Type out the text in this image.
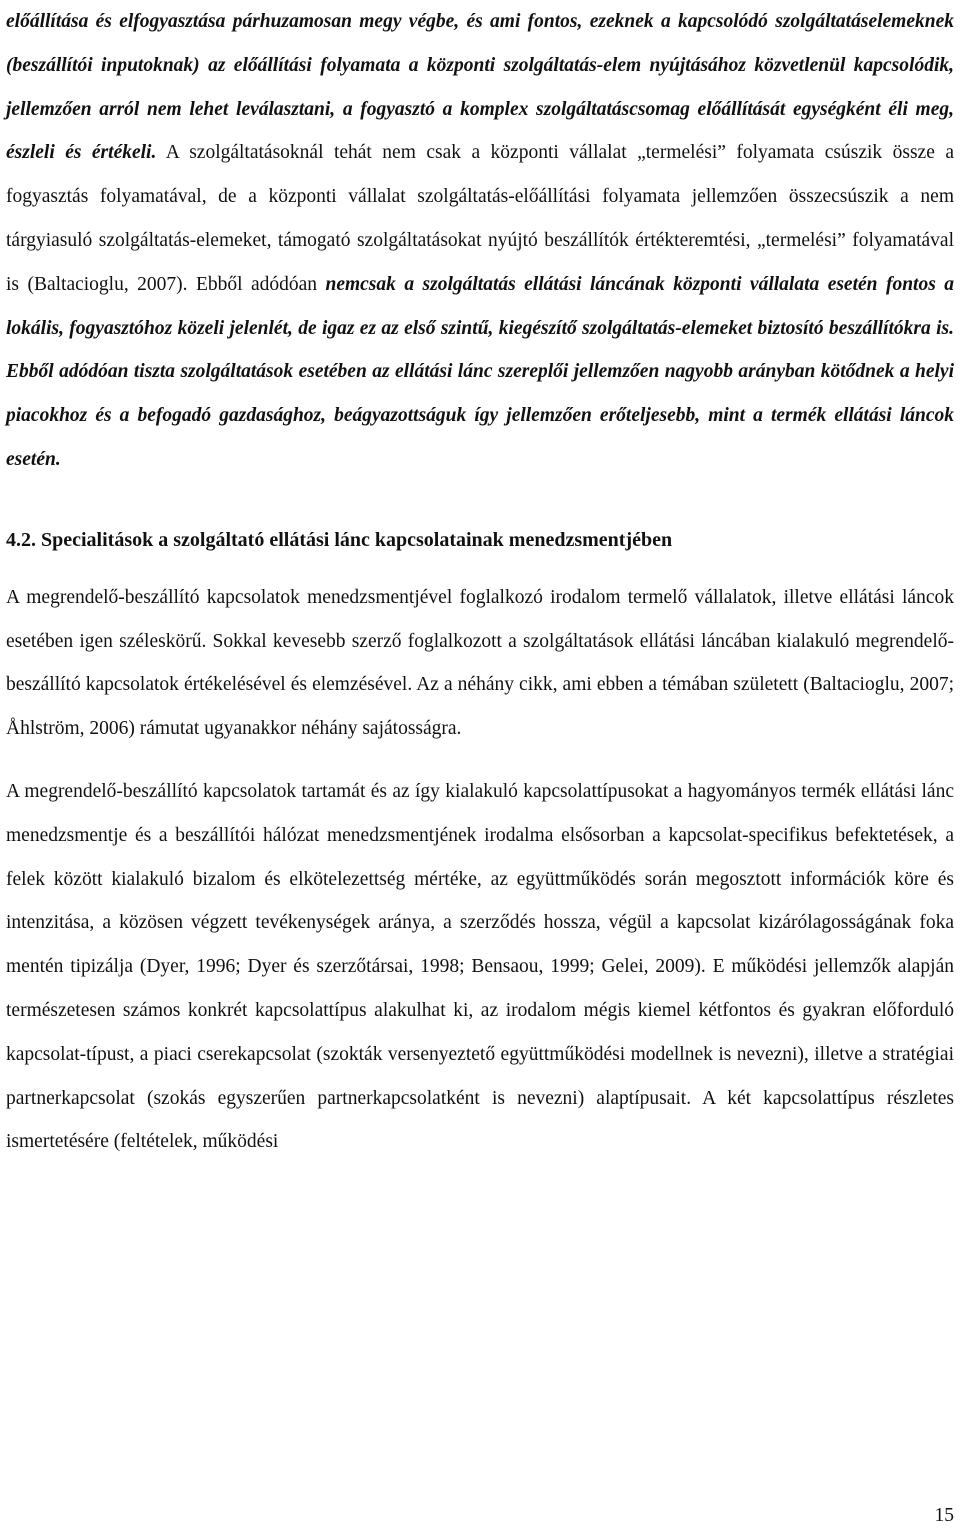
előállítása és elfogyasztása párhuzamosan megy végbe, és ami fontos, ezeknek a kapcsolódó szolgáltatáselemeknek (beszállítói inputoknak) az előállítási folyamata a központi szolgáltatás-elem nyújtásához közvetlenül kapcsolódik, jellemzően arról nem lehet leválasztani, a fogyasztó a komplex szolgáltatáscsomag előállítását egységként éli meg, észleli és értékeli. A szolgáltatásoknál tehát nem csak a központi vállalat „termelési” folyamata csúszik össze a fogyasztás folyamatával, de a központi vállalat szolgáltatás-előállítási folyamata jellemzően összecsúszik a nem tárgyiasuló szolgáltatás-elemeket, támogató szolgáltatásokat nyújtó beszállítók értékteremtési, „termelési” folyamatával is (Baltacioglu, 2007). Ebből adódóan nemcsak a szolgáltatás ellátási láncának központi vállalata esetén fontos a lokális, fogyasztóhoz közeli jelenlét, de igaz ez az első szintű, kiegészítő szolgáltatás-elemeket biztosító beszállítókra is. Ebből adódóan tiszta szolgáltatások esetében az ellátási lánc szereplői jellemzően nagyobb arányban kötődnek a helyi piacokhoz és a befogadó gazdasághoz, beágyazottságuk így jellemzően erőteljesebb, mint a termék ellátási láncok esetén.

4.2. Specialitások a szolgáltató ellátási lánc kapcsolatainak menedzsmentjében

A megrendelő-beszállító kapcsolatok menedzsmentjével foglalkozó irodalom termelő vállalatok, illetve ellátási láncok esetében igen széleskörű. Sokkal kevesebb szerző foglalkozott a szolgáltatások ellátási láncában kialakuló megrendelő-beszállító kapcsolatok értékelésével és elemzésével. Az a néhány cikk, ami ebben a témában született (Baltacioglu, 2007; Åhlström, 2006) rámutat ugyanakkor néhány sajátosságra.

A megrendelő-beszállító kapcsolatok tartamát és az így kialakuló kapcsolattípusokat a hagyományos termék ellátási lánc menedzsmentje és a beszállítói hálózat menedzsmentjének irodalma elsősorban a kapcsolat-specifikus befektetések, a felek között kialakuló bizalom és elkötelezettség mértéke, az együttműködés során megosztott információk köre és intenzitása, a közösen végzett tevékenységek aránya, a szerződés hossza, végül a kapcsolat kizárólagosságának foka mentén tipizálja (Dyer, 1996; Dyer és szerzőtársai, 1998; Bensaou, 1999; Gelei, 2009). E működési jellemzők alapján természetesen számos konkrét kapcsolattípus alakulhat ki, az irodalom mégis kiemel kétfontos és gyakran előforduló kapcsolat-típust, a piaci cserekapcsolat (szokták versenyeztető együttműködési modellnek is nevezni), illetve a stratégiai partnerkapcsolat (szokás egyszerűen partnerkapcsolatként is nevezni) alaptípusait. A két kapcsolattípus részletes ismertetésére (feltételek, működési

15
